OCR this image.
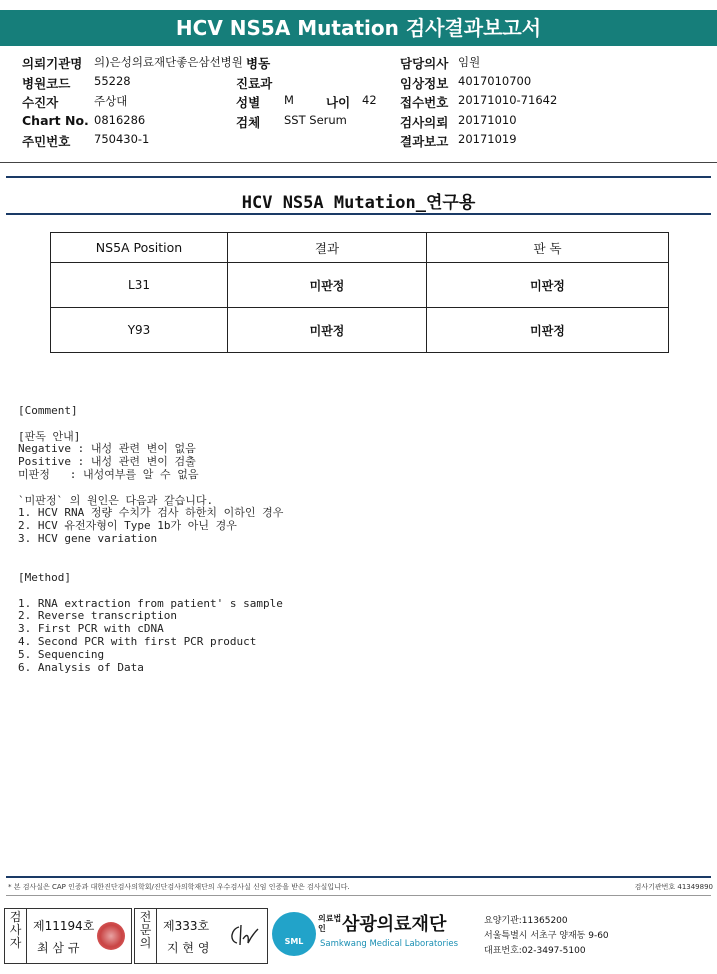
HCV NS5A Mutation 검사결과보고서
의뢰기관명 의)은성의료재단좋은삼선병원 병동	담당의사 임원
병원코드 55228	진료과	임상정보 4017010700
수진자	주상대	성별 M	나이 42 접수번호 20171010-71642
Chart No. 0816286	검체 SST Serum	검사의뢰 20171010
주민번호 750430-1	결과보고 20171019
HCV NS5A Mutation_연구용
NS5A Position	결과	판 독
L31	미판정	미판정
Y93	미판정	미판정
[Comment]

[판독 안내]
Negative : 내성 관련 변이 없음
Positive : 내성 관련 변이 검출
미판정   : 내성여부를 알 수 없음

`미판정` 의 원인은 다음과 같습니다.
1. HCV RNA 정량 수치가 검사 하한치 이하인 경우
2. HCV 유전자형이 Type 1b가 아닌 경우
3. HCV gene variation
[Method]

1. RNA extraction from patient' s sample
2. Reverse transcription
3. First PCR with cDNA
4. Second PCR with first PCR product
5. Sequencing
6. Analysis of Data
* 본 검사실은 CAP 인증과 대한진단검사의학회/진단검사의학재단의 우수검사실 신임 인증을 받은 검사실입니다.	검사기관번호 41349890
검사자
제11194호
최 삼 규
전문의
제333호
지 현 영	SML
의료법인 삼광의료재단
Samkwang Medical Laboratories
요양기관:11365200
서울특별시 서초구 양재동 9-60
대표번호:02-3497-5100
